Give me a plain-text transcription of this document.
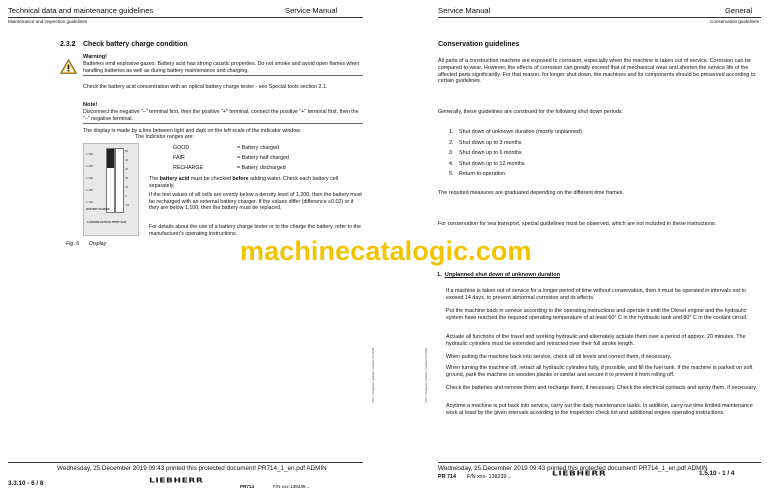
Technical data and maintenance guidelines	Service Manual
Maintenance and inspection guidelines
2.3.2 Check battery charge condition
Warning!
Batteries emit explosive gases. Battery acid has strong caustic properties. Do not smoke and avoid open flames when handling batteries as well as during battery maintenance and charging.
Check the battery acid concentration with an optical battery charge tester - see Special tools section 2.1.
Note!
Disconnect the negative "–" terminal first, then the positive "+" terminal, connect the positive "+" terminal first, then the "–" negative terminal.
The display is made by a line between light and dark on the left scale of the indicator window.
The indicator ranges are:
1,300
1,250
1,200
1,150
1,100
50
40
30
20
10
0
-10
BATTERY CHARGE
CATHODE DETECH PROPYLEN
GOOD	= Battery charged
FAIR	= Battery half charged
RECHARGE	= Battery discharged
The battery acid must be checked before adding water. Check each battery cell separately.
If the test values of all cells are evenly below a density level of 1,200, then the battery must be recharged with an external battery charger. If the values differ (difference ≥0.02) or if they are below 1,100, then the battery must be replaced.
For details about the use of a battery charge tester or to the charge the battery, refer to the manufacturer's operating instructions.
Fig. 6 Display
LWT / Ausgabe / Edition / Edition 03.2009
Wednesday, 25.December 2019 09:43 printed this protected document! PR714_1_en.pdf ADMIN
3.3.10 - 6 / 8	LIEBHERR
PR714	F/N xxx-138239→
Service Manual	General
Conservation guidelines
Conservation guidelines
All parts of a construction machine are exposed to corrosion, especially when the machine is taken out of service. Corrosion can be compared to wear. However, the effects of corrosion can greatly exceed that of mechanical wear and shorten the service life of the affected parts significantly. For that reason, for longer shut down, the machines and its components should be preserved according to certain guidelines.
Generally, these guidelines are construed for the following shut down periods:
1. Shut down of unknown duration (mostly unplanned)
2. Shut down up to 3 months
3. Shut down up to 6 months
4. Shut down up to 12 months
5. Return to operation
The required measures are graduated depending on the different time frames.
For conservation for sea transport, special guidelines must be observed, which are not included in these instructions.
1. Unplanned shut down of unknown duration
If a machine is taken out of service for a longer period of time without conservation, then it must be operated in intervals not to exceed 14 days, to prevent abnormal corrosion and its effects.
Put the machine back in service according to the operating instructions and operate it until the Diesel engine and the hydraulic system have reached the required operating temperature of at least 60° C in the hydraulic tank and 80° C in the coolant circuit.
Actuate all functions of the travel and working hydraulic and alternately actuate them over a period of approx. 20 minutes. The hydraulic cylinders must be extended and retracted over their full stroke length.
When putting the machine back into service, check all oil levels and correct them, if necessary.
When turning the machine off, retract all hydraulic cylinders fully, if possible, and fill the fuel tank. If the machine is parked on soft ground, park the machine on wooden planks or similar and secure it to prevent it from rolling off.
Check the batteries and remove them and recharge them, if necessary. Check the electrical contacts and spray them, if necessary.
Anytime a machine is put back into service, carry out the daily maintenance tasks. In addition, carry out time limited maintenance work at least by the given intervals according to the inspection check list and additional engine operating instructions.
LWT / Ausgabe / Edition / Edition 03.2009
Wednesday, 25.December 2019 09:43 printed this protected document! PR714_1_en.pdf ADMIN
PR 714 F/N xxx- 138239→	LIEBHERR	1.5.10 - 1 / 4
machinecatalogic.com
